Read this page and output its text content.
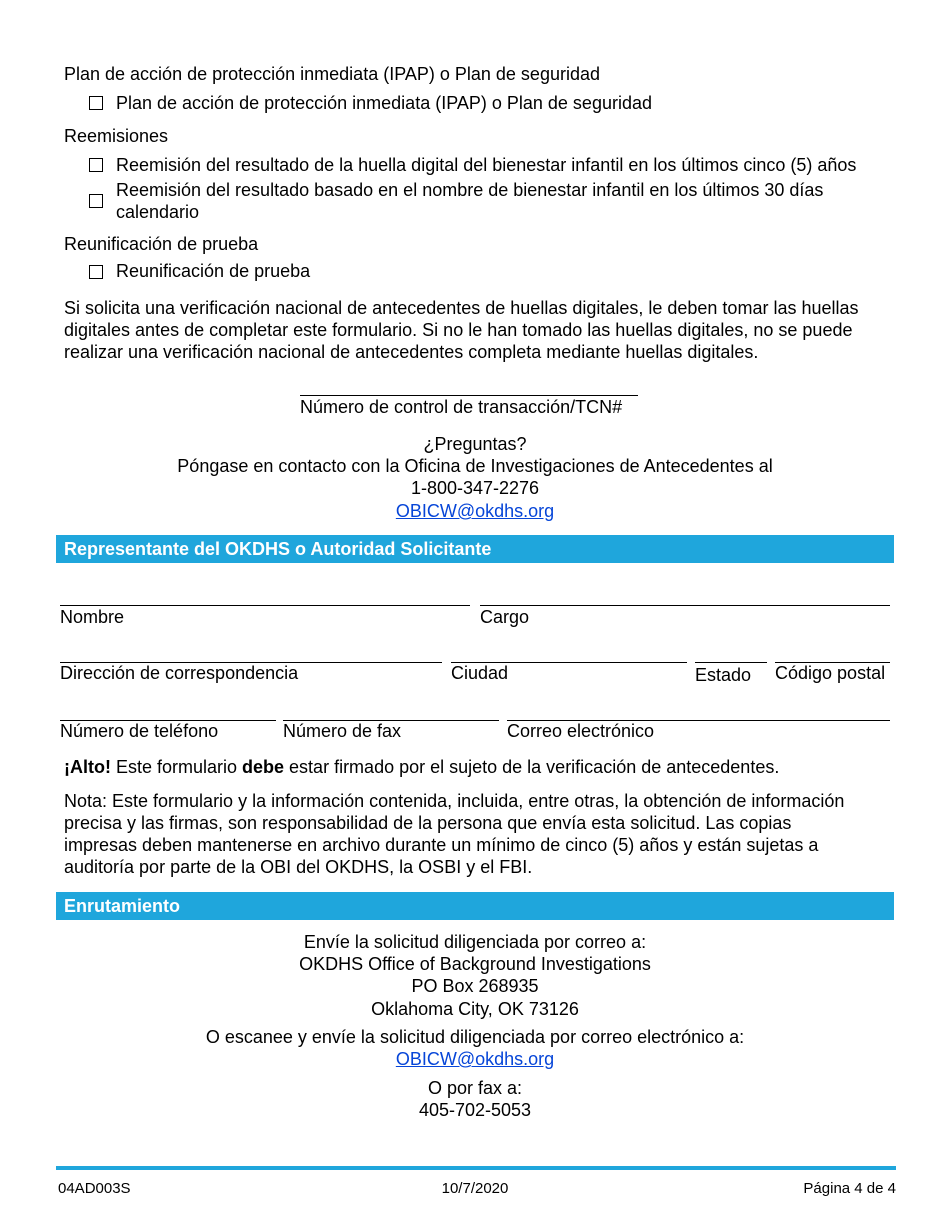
Plan de acción de protección inmediata (IPAP) o Plan de seguridad
Plan de acción de protección inmediata (IPAP) o Plan de seguridad
Reemisiones
Reemisión del resultado de la huella digital del bienestar infantil en los últimos cinco (5) años
Reemisión del resultado basado en el nombre de bienestar infantil en los últimos 30 días
calendario
Reunificación de prueba
Reunificación de prueba
Si solicita una verificación nacional de antecedentes de huellas digitales, le deben tomar las huellas
digitales antes de completar este formulario. Si no le han tomado las huellas digitales, no se puede
realizar una verificación nacional de antecedentes completa mediante huellas digitales.
Número de control de transacción/TCN#
¿Preguntas?
Póngase en contacto con la Oficina de Investigaciones de Antecedentes al
1-800-347-2276
OBICW@okdhs.org
Representante del OKDHS o Autoridad Solicitante
Nombre	Cargo
Dirección de correspondencia	Ciudad	Estado Código postal
Número de teléfono	Número de fax	Correo electrónico
¡Alto! Este formulario debe estar firmado por el sujeto de la verificación de antecedentes.
Nota: Este formulario y la información contenida, incluida, entre otras, la obtención de información
precisa y las firmas, son responsabilidad de la persona que envía esta solicitud. Las copias
impresas deben mantenerse en archivo durante un mínimo de cinco (5) años y están sujetas a
auditoría por parte de la OBI del OKDHS, la OSBI y el FBI.
Enrutamiento
Envíe la solicitud diligenciada por correo a:
OKDHS Office of Background Investigations
PO Box 268935
Oklahoma City, OK 73126
O escanee y envíe la solicitud diligenciada por correo electrónico a:
OBICW@okdhs.org
O por fax a:
405-702-5053
04AD003S	10/7/2020	Página 4 de 4
